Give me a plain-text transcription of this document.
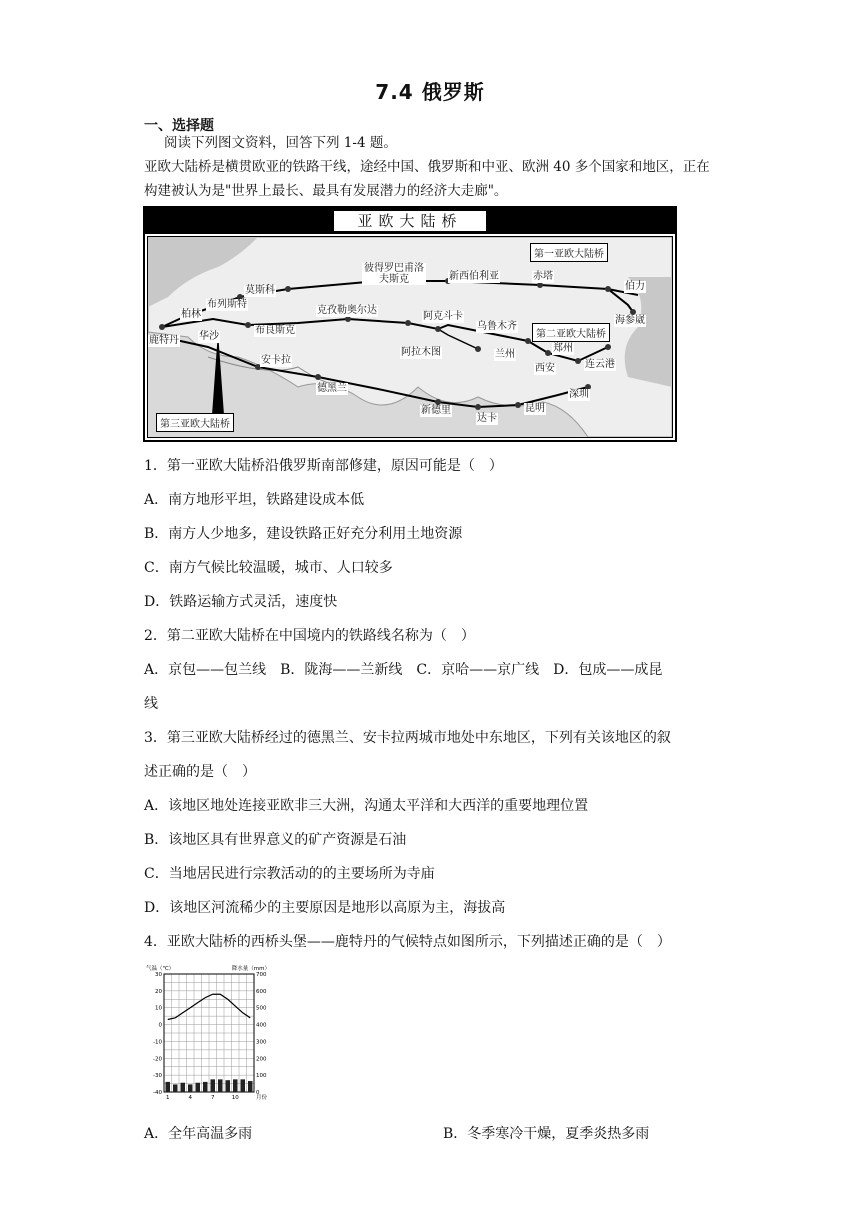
7.4 俄罗斯
一、选择题
阅读下列图文资料，回答下列 1-4 题。
亚欧大陆桥是横贯欧亚的铁路干线，途经中国、俄罗斯和中亚、欧洲 40 多个国家和地区，正在构建被认为是"世界上最长、最具有发展潜力的经济大走廊"。
亚欧大陆桥
莫斯科
彼得罗巴甫洛夫斯克	新西伯利亚	赤塔
伯力
海参崴
柏林
布列斯特
鹿特丹 华沙
布良斯克
克孜勒奥尔达
阿克斗卡
乌鲁木齐
阿拉木图	兰州
郑州
西安	连云港
安卡拉
德黑兰
新德里
达卡
昆明
深圳
第一亚欧大陆桥
第二亚欧大陆桥
第三亚欧大陆桥
1．第一亚欧大陆桥沿俄罗斯南部修建，原因可能是（　）
A．南方地形平坦，铁路建设成本低
B．南方人少地多，建设铁路正好充分利用土地资源
C．南方气候比较温暖，城市、人口较多
D．铁路运输方式灵活，速度快
2．第二亚欧大陆桥在中国境内的铁路线名称为（　）
A．京包——包兰线　B．陇海——兰新线　C．京哈——京广线　D．包成——成昆
线
3．第三亚欧大陆桥经过的德黑兰、安卡拉两城市地处中东地区，下列有关该地区的叙
述正确的是（　）
A．该地区地处连接亚欧非三大洲，沟通太平洋和大西洋的重要地理位置
B．该地区具有世界意义的矿产资源是石油
C．当地居民进行宗教活动的的主要场所为寺庙
D．该地区河流稀少的主要原因是地形以高原为主，海拔高
4．亚欧大陆桥的西桥头堡——鹿特丹的气候特点如图所示，下列描述正确的是（　）
气温（℃）	降水量（mm）
30
20
10
0
-10
-20
-30
-40
700
600
500
400
300
200
100
0
1	4	7	10	月份
A．全年高温多雨	B．冬季寒冷干燥，夏季炎热多雨
